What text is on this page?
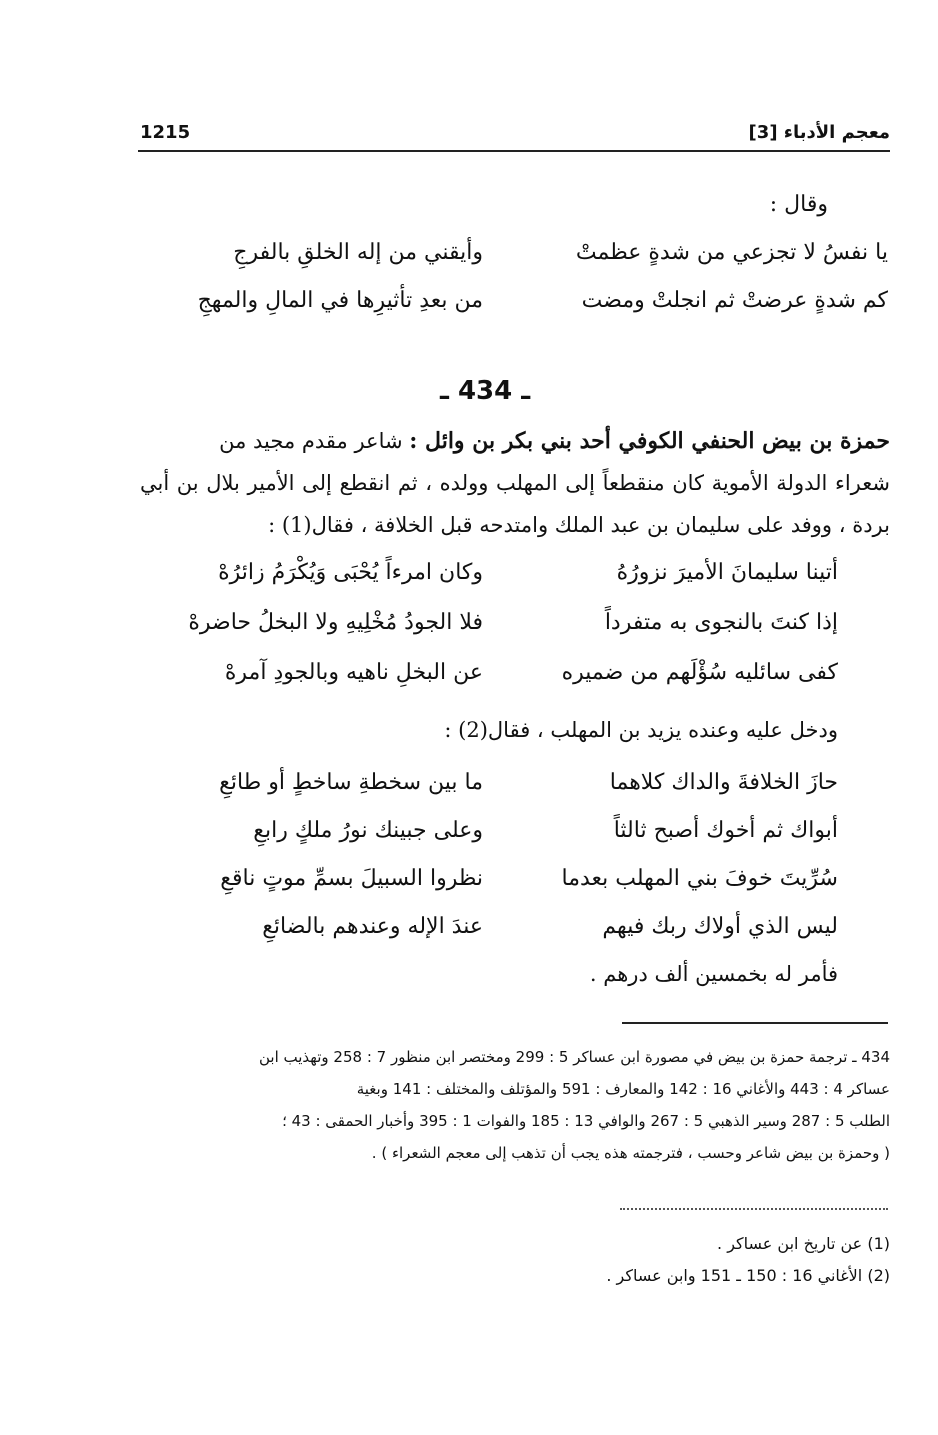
1215	معجم الأدباء [3]
وقال :
يا نفسُ لا تجزعي من شدةٍ عظمتْ
وأيقني من إله الخلقِ بالفرجِ
كم شدةٍ عرضتْ ثم انجلتْ ومضت
من بعدِ تأثيرِها في المالِ والمهجِ
ـ 434 ـ
حمزة بن بيض الحنفي الكوفي أحد بني بكر بن وائل : شاعر مقدم مجيد من
شعراء الدولة الأموية كان منقطعاً إلى المهلب وولده ، ثم انقطع إلى الأمير بلال بن أبي
بردة ، ووفد على سليمان بن عبد الملك وامتدحه قبل الخلافة ، فقال(1) :
أتينا سليمانَ الأميرَ نزورُهُ
وكان امرءاً يُحْبَى وَيُكْرَمُ زائرُهْ
إذا كنتَ بالنجوى به متفرداً
فلا الجودُ مُخْلِيهِ ولا البخلُ حاضرهْ
كفى سائليه سُؤْلَهم من ضميره
عن البخلِ ناهيه وبالجودِ آمرهْ
ودخل عليه وعنده يزيد بن المهلب ، فقال(2) :
حازَ الخلافةَ والداك كلاهما
ما بين سخطةِ ساخطٍ أو طائعِ
أبواك ثم أخوك أصبح ثالثاً
وعلى جبينك نورُ ملكٍ رابعِ
سُرِّيتَ خوفَ بني المهلب بعدما
نظروا السبيلَ بسمِّ موتٍ ناقعِ
ليس الذي أولاك ربك فيهم
عندَ الإله وعندهم بالضائعِ
فأمر له بخمسين ألف درهم .
434 ـ ترجمة حمزة بن بيض في مصورة ابن عساكر 5 : 299 ومختصر ابن منظور 7 : 258 وتهذيب ابن
عساكر 4 : 443 والأغاني 16 : 142 والمعارف : 591 والمؤتلف والمختلف : 141 وبغية
الطلب 5 : 287 وسير الذهبي 5 : 267 والوافي 13 : 185 والفوات 1 : 395 وأخبار الحمقى : 43 ؛
( وحمزة بن بيض شاعر وحسب ، فترجمته هذه يجب أن تذهب إلى معجم الشعراء ) .
(1) عن تاريخ ابن عساكر .
(2) الأغاني 16 : 150 ـ 151 وابن عساكر .
